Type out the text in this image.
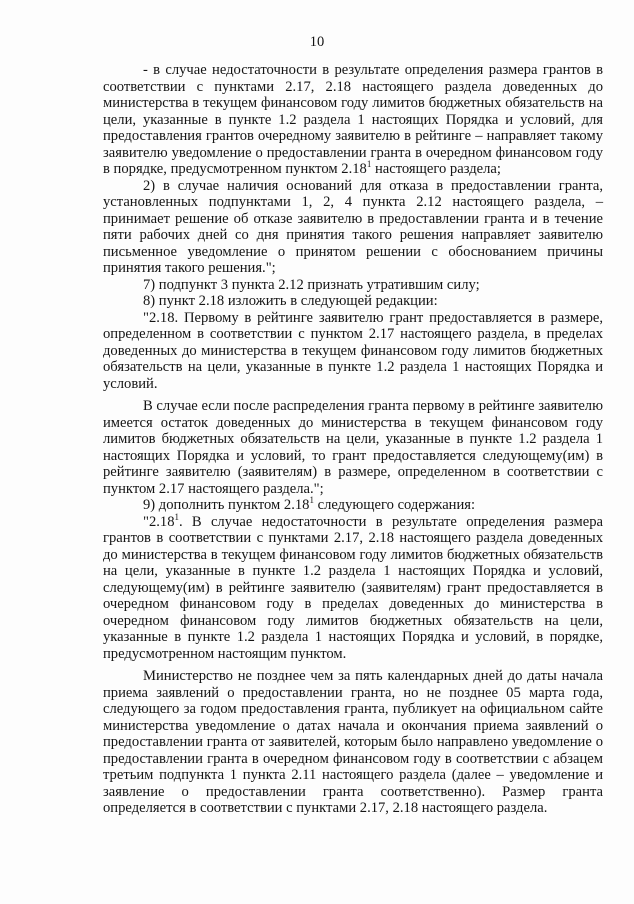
10

- в случае недостаточности в результате определения размера грантов в соответствии с пунктами 2.17, 2.18 настоящего раздела доведенных до министерства в текущем финансовом году лимитов бюджетных обязательств на цели, указанные в пункте 1.2 раздела 1 настоящих Порядка и условий, для предоставления грантов очередному заявителю в рейтинге – направляет такому заявителю уведомление о предоставлении гранта в очередном финансовом году в порядке, предусмотренном пунктом 2.18$^1$ настоящего раздела;

2) в случае наличия оснований для отказа в предоставлении гранта, установленных подпунктами 1, 2, 4 пункта 2.12 настоящего раздела, – принимает решение об отказе заявителю в предоставлении гранта и в течение пяти рабочих дней со дня принятия такого решения направляет заявителю письменное уведомление о принятом решении с обоснованием причины принятия такого решения.";

7) подпункт 3 пункта 2.12 признать утратившим силу;

8) пункт 2.18 изложить в следующей редакции:

"2.18. Первому в рейтинге заявителю грант предоставляется в размере, определенном в соответствии с пунктом 2.17 настоящего раздела, в пределах доведенных до министерства в текущем финансовом году лимитов бюджетных обязательств на цели, указанные в пункте 1.2 раздела 1 настоящих Порядка и условий.

В случае если после распределения гранта первому в рейтинге заявителю имеется остаток доведенных до министерства в текущем финансовом году лимитов бюджетных обязательств на цели, указанные в пункте 1.2 раздела 1 настоящих Порядка и условий, то грант предоставляется следующему(им) в рейтинге заявителю (заявителям) в размере, определенном в соответствии с пунктом 2.17 настоящего раздела.";

9) дополнить пунктом 2.18$^1$ следующего содержания:

"2.18$^1$. В случае недостаточности в результате определения размера грантов в соответствии с пунктами 2.17, 2.18 настоящего раздела доведенных до министерства в текущем финансовом году лимитов бюджетных обязательств на цели, указанные в пункте 1.2 раздела 1 настоящих Порядка и условий, следующему(им) в рейтинге заявителю (заявителям) грант предоставляется в очередном финансовом году в пределах доведенных до министерства в очередном финансовом году лимитов бюджетных обязательств на цели, указанные в пункте 1.2 раздела 1 настоящих Порядка и условий, в порядке, предусмотренном настоящим пунктом.

Министерство не позднее чем за пять календарных дней до даты начала приема заявлений о предоставлении гранта, но не позднее 05 марта года, следующего за годом предоставления гранта, публикует на официальном сайте министерства уведомление о датах начала и окончания приема заявлений о предоставлении гранта от заявителей, которым было направлено уведомление о предоставлении гранта в очередном финансовом году в соответствии с абзацем третьим подпункта 1 пункта 2.11 настоящего раздела (далее – уведомление и заявление о предоставлении гранта соответственно). Размер гранта определяется в соответствии с пунктами 2.17, 2.18 настоящего раздела.
